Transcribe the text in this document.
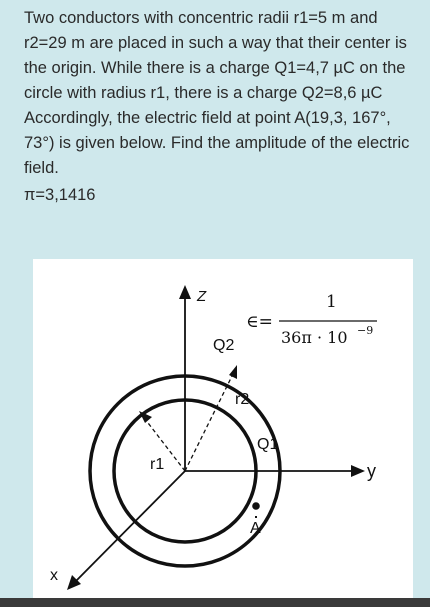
Two conductors with concentric radii r1=5 m and r2=29 m are placed in such a way that their center is the origin. While there is a charge Q1=4,7 µC on the circle with radius r1, there is a charge Q2=8,6 µC Accordingly, the electric field at point A(19,3, 167°, 73°) is given below. Find the amplitude of the electric field.
π=3,1416
Z
y
x
Q2
Q1
r1
r2
A
∈=
1
36π · 10 −9
